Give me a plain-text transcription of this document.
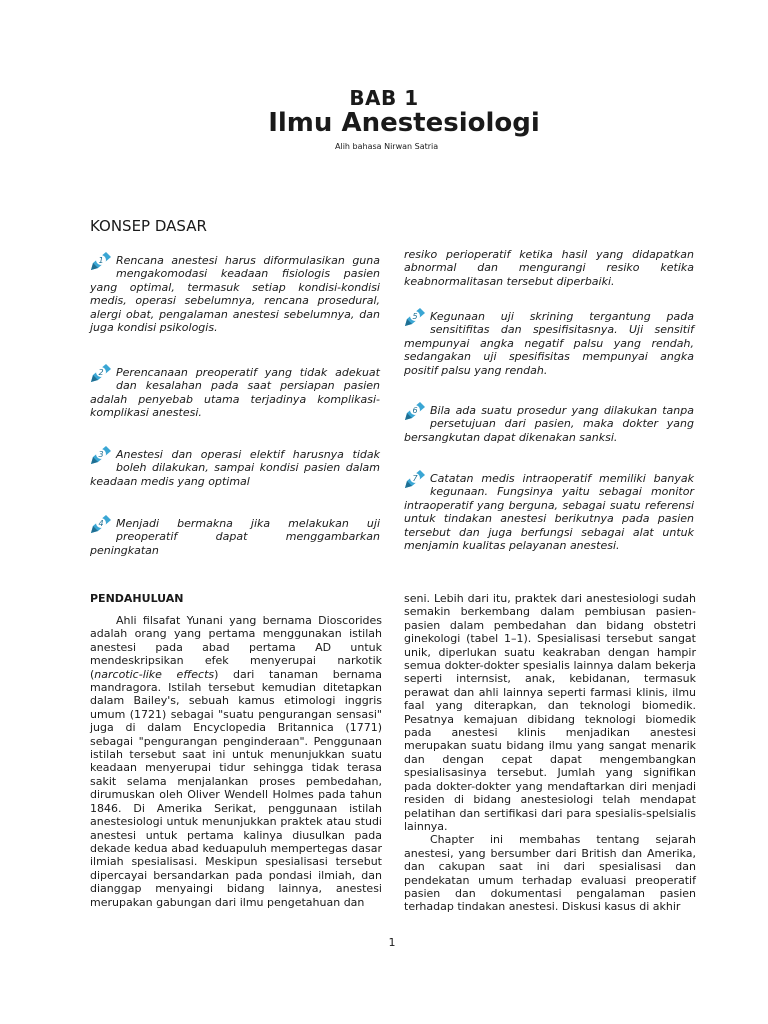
BAB 1
Ilmu Anestesiologi
Alih bahasa Nirwan Satria
KONSEP DASAR
1 Rencana anestesi harus diformulasikan guna mengakomodasi keadaan fisiologis pasien yang optimal, termasuk setiap kondisi-kondisi medis, operasi sebelumnya, rencana prosedural, alergi obat, pengalaman anestesi sebelumnya, dan juga kondisi psikologis.
2 Perencanaan preoperatif yang tidak adekuat dan kesalahan pada saat persiapan pasien adalah penyebab utama terjadinya komplikasi-komplikasi anestesi.
3 Anestesi dan operasi elektif harusnya tidak boleh dilakukan, sampai kondisi pasien dalam keadaan medis yang optimal
4 Menjadi bermakna jika melakukan uji preoperatif dapat menggambarkan peningkatan
resiko perioperatif ketika hasil yang didapatkan abnormal dan mengurangi resiko ketika keabnormalitasan tersebut diperbaiki.
5 Kegunaan uji skrining tergantung pada sensitifitas dan spesifisitasnya. Uji sensitif mempunyai angka negatif palsu yang rendah, sedangakan uji spesifisitas mempunyai angka positif palsu yang rendah.
6 Bila ada suatu prosedur yang dilakukan tanpa persetujuan dari pasien, maka dokter yang bersangkutan dapat dikenakan sanksi.
7 Catatan medis intraoperatif memiliki banyak kegunaan. Fungsinya yaitu sebagai monitor intraoperatif yang berguna, sebagai suatu referensi untuk tindakan anestesi berikutnya pada pasien tersebut dan juga berfungsi sebagai alat untuk menjamin kualitas pelayanan anestesi.
PENDAHULUAN

Ahli filsafat Yunani yang bernama Dioscorides adalah orang yang pertama menggunakan istilah anestesi pada abad pertama AD untuk mendeskripsikan efek menyerupai narkotik (narcotic-like effects) dari tanaman bernama mandragora. Istilah tersebut kemudian ditetapkan dalam Bailey's, sebuah kamus etimologi inggris umum (1721) sebagai "suatu pengurangan sensasi" juga di dalam Encyclopedia Britannica (1771) sebagai "pengurangan penginderaan". Penggunaan istilah tersebut saat ini untuk menunjukkan suatu keadaan menyerupai tidur sehingga tidak terasa sakit selama menjalankan proses pembedahan, dirumuskan oleh Oliver Wendell Holmes pada tahun 1846. Di Amerika Serikat, penggunaan istilah anestesiologi untuk menunjukkan praktek atau studi anestesi untuk pertama kalinya diusulkan pada dekade kedua abad keduapuluh mempertegas dasar ilmiah spesialisasi. Meskipun spesialisasi tersebut dipercayai bersandarkan pada pondasi ilmiah, dan dianggap menyaingi bidang lainnya, anestesi merupakan gabungan dari ilmu pengetahuan dan

seni. Lebih dari itu, praktek dari anestesiologi sudah semakin berkembang dalam pembiusan pasien-pasien dalam pembedahan dan bidang obstetri ginekologi (tabel 1–1). Spesialisasi tersebut sangat unik, diperlukan suatu keakraban dengan hampir semua dokter-dokter spesialis lainnya dalam bekerja seperti internsist, anak, kebidanan, termasuk perawat dan ahli lainnya seperti farmasi klinis, ilmu faal yang diterapkan, dan teknologi biomedik. Pesatnya kemajuan dibidang teknologi biomedik pada anestesi klinis menjadikan anestesi merupakan suatu bidang ilmu yang sangat menarik dan dengan cepat dapat mengembangkan spesialisasinya tersebut. Jumlah yang signifikan pada dokter-dokter yang mendaftarkan diri menjadi residen di bidang anestesiologi telah mendapat pelatihan dan sertifikasi dari para spesialis-spelsialis lainnya.

Chapter ini membahas tentang sejarah anestesi, yang bersumber dari British dan Amerika, dan cakupan saat ini dari spesialisasi dan pendekatan umum terhadap evaluasi preoperatif pasien dan dokumentasi pengalaman pasien terhadap tindakan anestesi. Diskusi kasus di akhir

1
